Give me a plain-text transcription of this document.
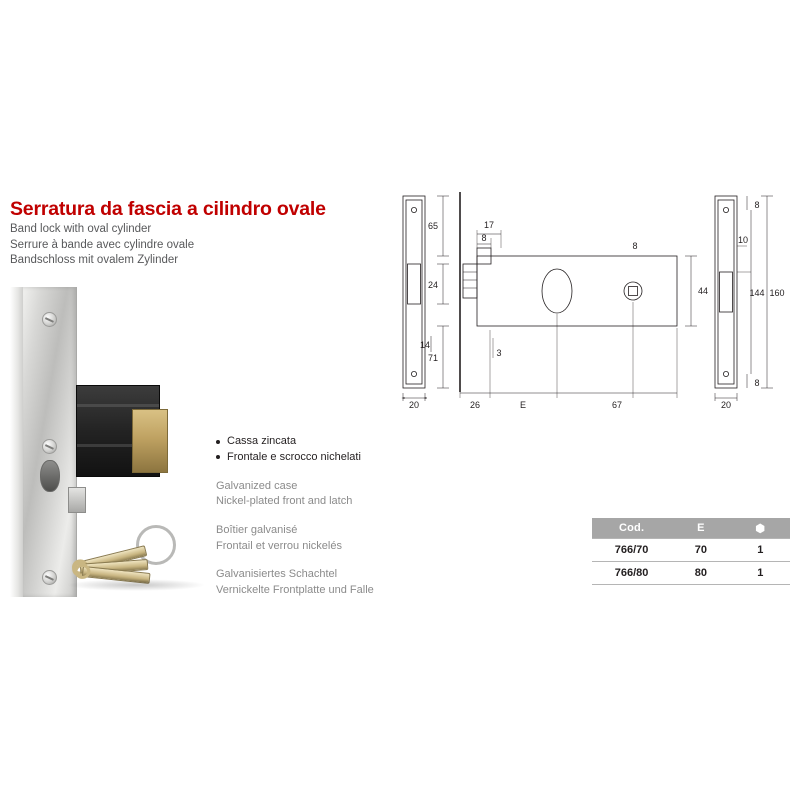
Serratura da fascia a cilindro ovale
Band lock with oval cylinder
Serrure à bande avec cylindre ovale
Bandschloss mit ovalem Zylinder
Cassa zincata
Frontale e scrocco nichelati
Galvanized case
Nickel-plated front and latch
Boîtier galvanisé
Frontail et verrou nickelés
Galvanisiertes Schachtel
Vernickelte Frontplatte und Falle
20
65
24
71
14
17
8
3
26	E	67
44
8
8
8
10
144 160
20
Cod.	E	⬢
766/70	70	1
766/80	80	1
